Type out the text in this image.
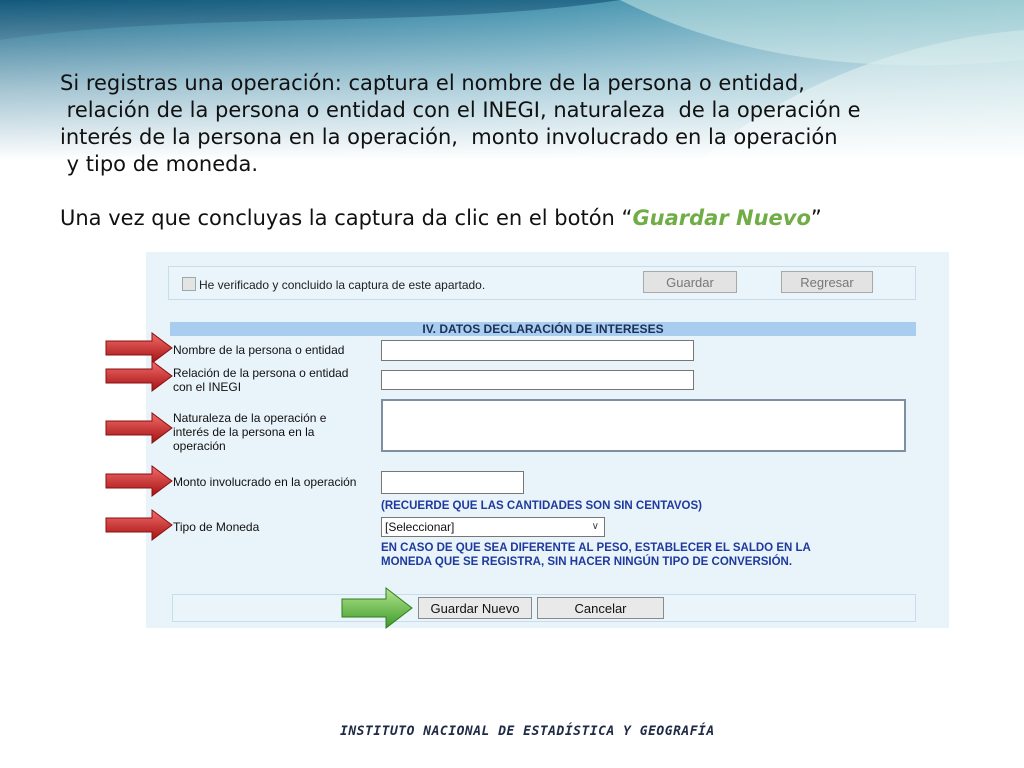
Si registras una operación: captura el nombre de la persona o entidad,

relación de la persona o entidad con el INEGI, naturaleza  de la operación e

interés de la persona en la operación,  monto involucrado en la operación

y tipo de moneda.

Una vez que concluyas la captura da clic en el botón “Guardar Nuevo”

He verificado y concluido la captura de este apartado.	Guardar	Regresar
IV. DATOS DECLARACIÓN DE INTERESES
Nombre de la persona o entidad
Relación de la persona o entidad
con el INEGI
Naturaleza de la operación e
interés de la persona en la
operación
Monto involucrado en la operación
(RECUERDE QUE LAS CANTIDADES SON SIN CENTAVOS)
Tipo de Moneda	[Seleccionar]	∨
EN CASO DE QUE SEA DIFERENTE AL PESO, ESTABLECER EL SALDO EN LA
MONEDA QUE SE REGISTRA, SIN HACER NINGÚN TIPO DE CONVERSIÓN.
Guardar Nuevo	Cancelar
INSTITUTO NACIONAL DE ESTADÍSTICA Y GEOGRAFÍA
